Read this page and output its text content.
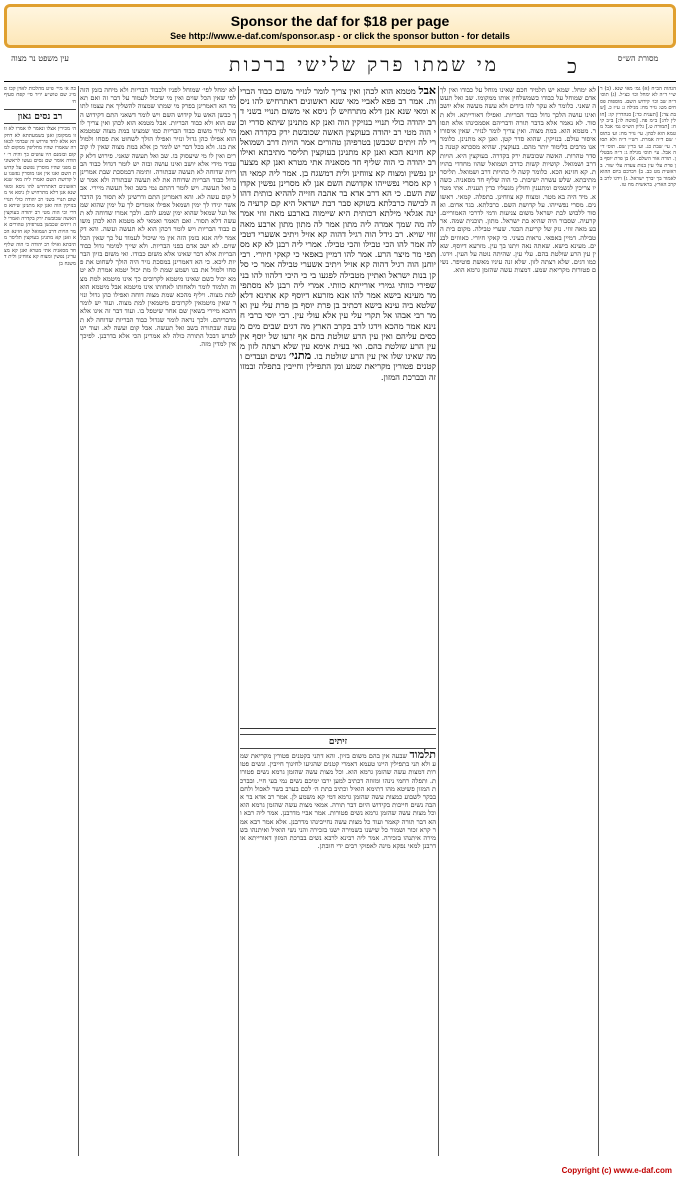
Sponsor the daf for $18 per page
See http://www.e-daf.com/sponsor.asp - or click the sponsor button - for details
עין משפט נר מצוה	מי שמתו פרק שלישי ברכות	כ	מסורת הש״ס

כה א׳ מיי׳ פ״ט מהלכות לאוין קכז סמ״ג שם טוש״ע יו״ד סי׳ קפח סעיף ח׳

רב נסים גאון

ה׳ מכירין אצלו ונאמר לו אמרו לא זוזו ממקומן ואנן בשמעתתא לא דחק הא אלא לחד פירוש זה שבדמי לכאורה שאמרו שהיו מחליפין ממקום למקום ובזמנם היו עושים כך והיה ר׳ יהודה אומר שם נסים נעשו לראשונים מפני שהיו מוסרין נפשם על קדושת השם ואנו אין אנו מוסרין נפשנו על קדושת השם ואמרו ליה מאי שנא ראשונים דאתרחיש להו ניסא ומאי שנא אנן דלא מתרחיש לן ניסא אי משום תנויי בשני רב יהודה כולי תנויי בנזיקין הוה ואנן קא מתנינן שיתא סדרי וכי הוה מטי רב יהודה בעוקצין האשה שכובשת ירק בקדרה ואמרי לה זיתים שכבשן בטרפיהן טהורים אמר הויות דרב ושמואל קא חזינא הכא ואנן קא מתנינן בעוקצין תליסר מתיבתא ואילו רב יהודה כי הוה שליף חד מסאניה אתי מטרא ואנן קא מצערינן נפשין ומצוח קא צווחינן ולית דמשגח בן

לא ימחל לפי׳ שמוחל לפניו ולכבוד הבריות ולא מיחה בזמן הזה לפי שאין הכל שוים ואין מי שיכול לעמוד על דבר זה ואם תאמר הא דאמרינן בפרק מי שמתו שמצוה להשליך את עצמו לתוך כבשן האש על קידוש השם ויש לומר דשאני התם דקידוש השם הוא ולא כבוד הבריות. אבל מטמא הוא לכהן ואין צריך לומר לנזיר משום כבוד הבריות כמו שמצינו במת מצוה שמטמא הוא אפילו כהן גדול ונזיר ואפילו הולך לשחוט את פסחו ולמול את בנו. ולא בכל דבר יש לומר כן אלא במת מצוה שאין לו קוברים ואין לו מי שיעסוק בו. שב ואל תעשה שאני. פירוש דלא קעביד מידי אלא יושב ואינו עושה ובזה יש לומר דגדול כבוד הבריות שדוחה לא תעשה שבתורה. ותימה דבמסכת שבת אמרינן גדול כבוד הבריות שדוחה את לא תעשה שבתורה ולא אמר שב ואל תעשה. ויש לומר דהתם נמי בשב ואל תעשה מיירי. אבל קום עשה לא. והא דאמרינן התם ודרשינן לא תסור מן הדבר אשר יגידו לך ימין ושמאל אפילו אומרים לך על ימין שהוא שמאל ועל שמאל שהוא ימין שמע להם. ולכך אמרו שדוחה לא תעשה דלא תסור. ואם תאמר ואמאי לא מטמא הוא לכהן משום כבוד הבריות ויש לומר דכהן הוא לא תעשה ועשה. והא דקאמר ליה אנא בזמן הזה אין מי שיכול לעמוד על כך שאין הכל שוים. לא ישב אדם בפני הבריות. ולא שייך למימר גדול כבוד הבריות אלא דבר שאינו אלא משום כבודו. ואי משום בזיון הבריות ליכא. כי הא דאמרינן במסכת נזיר היה הולך לשחוט את פסחו ולמול את בנו ושמע שמת לו מת יכול יטמא אמרת לא יטמא יכול כשם שאינו מיטמא לקרובים כך אינו מיטמא למת מצוה תלמוד לומר ולאחותו לאחותו אינו מיטמא אבל מיטמא הוא למת מצוה. ויליף מהכא שמת מצוה דוחה ואפילו כהן גדול ונזיר שאין מיטמאין לקרובים מיטמאין למת מצוה. ועוד יש לומר דהכא מיירי בשאין שם אחר שיטפל בו. ועוד דבר זה אינו אלא מדבריהם. ולכך נראה לומר שגדול כבוד הבריות שדוחה לא תעשה שבתורה בשב ואל תעשה. אבל קום ועשה לא. ועוד יש לפרש דבכל התורה כולה לא אמרינן הכי אלא בדרבנן. לפיכך אין למדין מזה.

אבל מטמא הוא לכהן ואין צריך לומר לנזיר משום כבוד הבריות. אמר רב פפא לאביי מאי שנא ראשונים דאתרחיש להו ניסא ומאי שנא אנן דלא מתרחיש לן ניסא אי משום תנויי בשני דרב יהודה כולי תנויי בנזיקין הוה ואנן קא מתנינן שיתא סדרי וכי הוה מטי רב יהודה בעוקצין האשה שכובשת ירק בקדרה ואמרי לה זיתים שכבשן בטרפיהן טהורים אמר הויות דרב ושמואל קא חזינא הכא ואנן קא מתנינן בעוקצין תליסר מתיבתא ואילו רב יהודה כי הוה שליף חד מסאניה אתי מטרא ואנן קא מצערינן נפשין ומצוח קא צווחינן ולית דמשגח בן. אמר ליה קמאי הוו קא מסרי נפשייהו אקדושת השם אנן לא מסרינן נפשין אקדושת השם. כי הא דרב אדא בר אהבה חזייה לההיא כותית דהוה לבישה כרבלתא בשוקא סבר דבת ישראל היא קם קרעיה מינה אגלאי מילתא דכותית היא שיימוה בארבע מאה זוזי אמר לה מה שמך אמרה ליה מתון אמר לה מתון מתון ארבע מאה זוזי שויא. רב גידל הוה רגיל דהוה קא אזיל ויתיב אשערי דטבילה אמר להו הכי טבילו והכי טבילו. אמרי ליה רבנן לא קא מסתפי מר מיצר הרע. אמר להו דמיין באפאי כי קאקי חיורי. רבי יוחנן הוה רגיל דהוה קא אזיל ויתיב אשערי טבילה אמר כי סלקן בנות ישראל ואתיין מטבילה לפגעו בי כי היכי דלהוו להו בני שפירי כוותי גמירי אורייתא כוותי. אמרי ליה רבנן לא מסתפי מר מעינא בישא אמר להו אנא מזרעא דיוסף קא אתינא דלא שלטא ביה עינא בישא דכתיב בן פרת יוסף בן פרת עלי עין ואמר רבי אבהו אל תקרי עלי עין אלא עולי עין. רבי יוסי ברבי חנינא אמר מהכא וידגו לרב בקרב הארץ מה דגים שבים מים מכסים עליהם ואין עין הרע שולטת בהם אף זרעו של יוסף אין עין הרע שולטת בהם. ואי בעית אימא עין שלא רצתה לזון ממה שאינו שלו אין עין הרע שולטת בו. מתני׳ נשים ועבדים וקטנים פטורין מקריאת שמע ומן התפילין וחייבין בתפלה ובמזוזה ובברכת המזון.

זיתים

תלמוד שבעה אין בהם משום בזיון. והא דתני בקטנים פטורין מקריאת שמע ולא תני בתפילין היינו טעמא דאמרי קטנים שהגיעו לחינוך חייבין. ונשים פטורות דמצות עשה שהזמן גרמא הוא. וכל מצות עשה שהזמן גרמא נשים פטורות. ותפלה רחמי נינהו ומזוזה דכתיב למען ירבו ימיכם נשים נמי בעי חיי. ובברכת המזון פשיטא מהו דתימא הואיל וכתיב בתת ה׳ לכם בערב בשר לאכול ולחם בבקר לשבוע כמצות עשה שהזמן גרמא דמי קא משמע לן. אמר רב אדא בר אהבה נשים חייבות בקידוש היום דבר תורה. אמאי מצות עשה שהזמן גרמא הוא וכל מצות עשה שהזמן גרמא נשים פטורות. אמר אביי מדרבנן. אמר ליה רבא והא דבר תורה קאמר ועוד כל מצות עשה נחייבינהו מדרבנן. אלא אמר רבא אמר קרא זכור ושמור כל שישנו בשמירה ישנו בזכירה והני נשי הואיל ואיתנהו בשמירה איתנהו בזכירה. אמר ליה רבינא לרבא נשים בברכת המזון דאורייתא או דרבנן למאי נפקא מינה לאפוקי רבים ידי חובתן.

לא ימחל. שמא יש תלמיד חכם שאינו מוחל על כבודו ואין לך אדם שמוחל על כבודו כשמשלחין אותו ממקומו. שב ואל תעשה שאני. כלומר לא עקר להו בידים ולא עשה מעשה אלא יושב ואינו עושה הלכך גדול כבוד הבריות. ואפילו דאורייתא. ולא תסור. לא נאמר אלא בדבר תורה ודבריהם אסמכינהו אלא תסור. מטמא הוא. במת מצוה. ואין צריך לומר לנזיר. שאין איסורו איסור עולם. בנזיקין. שהוא סדר קטן. ואנן קא מתנינן. כלומר אנו מרבים בלימוד יותר מהם. בעוקצין. שהיא מסכתא קטנה בסדר טהרות. האשה שכובשת ירק בקדרה. בעוקצין היא. הויות דרב ושמואל. קושיות קשות כדרב ושמואל שהוו מחדדי בהויות. קא חזינא הכא. כלומר קשה לי כהויות דרב ושמואל. תליסר מתיבתא. שלש עשרה ישיבות. כי הוה שליף חד מסאניה. כשהיו צריכין לגשמים ומתענין וחולץ מנעליו כדין תענית. אתי מטרא. מיד היה בא מטר. ומצוח קא צווחינן. בתפלה. קמאי. ראשונים. מסרי נפשייהו. על קדושת השם. כרבלתא. בגד אדום. ואסור ללבוש לבת ישראל משום צניעות ודמי לדרכי האמוריים. קרעיה. שסבור היה שהיא בת ישראל. מתון. תוכנית שמה. ארבע מאה זוזי. נזק של קריעת הבגד. שערי טבילה. מקום בית הטבילה. דמיין באפאי. נראות בעיני. כי קאקי חיורי. כאווזים לבנים. מעינא בישא. שאתה נאה ויתנו בך עין. מזרעא דיוסף. שאין עין הרע שולטת בהם. עלי עין. שהיתה נוטה על העין. וידגו. כמו דגים. שלא רצתה לזון. שלא זנה עיניו מאשת פוטיפר. נשים פטורות מקריאת שמע. דמצות עשה שהזמן גרמא הוא.

הגהות הב״ח (א) גמ׳ מאי שנא. (ב) רש״י ד״ה לא ימחל וכו׳ כצ״ל. (ג) תוס׳ ד״ה שב וכו׳ קידוש השם. מוספות פסחים מט: נזיר מח: מגילה ג: ע״ז כ. [שבת צד:] [תענית כד:] סנהדרין קו: [חולין לה:] ב״מ פה. [סוטה לו:] ב״ב קיח: [תמורה ט.] גליון הש״ס גמ׳ אבל מטמא הוא לכהן. עי׳ נזיר מח: וע׳ בתוס׳ שם ד״ה אמרת. רש״י ד״ה ולא תסור. עי׳ שבת כג. וע׳ בר״ן שם. תוס׳ ד״ה אבל. עי׳ תוס׳ מגילה ג: ד״ה מבטלין. תורה אור השלם. א) בן פרת יוסף בן פרת עלי עין בנות צעדה עלי שור. בראשית מט כב. ב) ויברכם ביום ההוא לאמור בך יברך ישראל. ג) וידגו לרב בקרב הארץ. בראשית מח טז.

Copyright (c) www.e-daf.com
